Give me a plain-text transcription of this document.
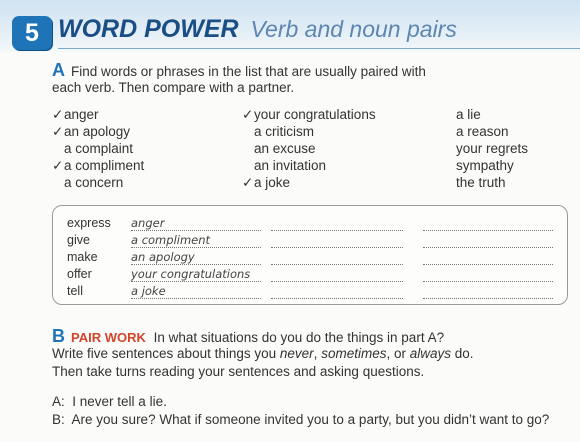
5 WORD POWER Verb and noun pairs
A Find words or phrases in the list that are usually paired with
each verb. Then compare with a partner.
✓anger
✓an apology
a complaint
✓a compliment
a concern
✓your congratulations
a criticism
an excuse
an invitation
✓a joke
a lie
a reason
your regrets
sympathy
the truth
express anger
give	a compliment
make	an apology
offer	your congratulations
tell	a joke
B PAIR WORK In what situations do you do the things in part A?
Write five sentences about things you never, sometimes, or always do.
Then take turns reading your sentences and asking questions.
A: I never tell a lie.
B: Are you sure? What if someone invited you to a party, but you didn’t want to go?
